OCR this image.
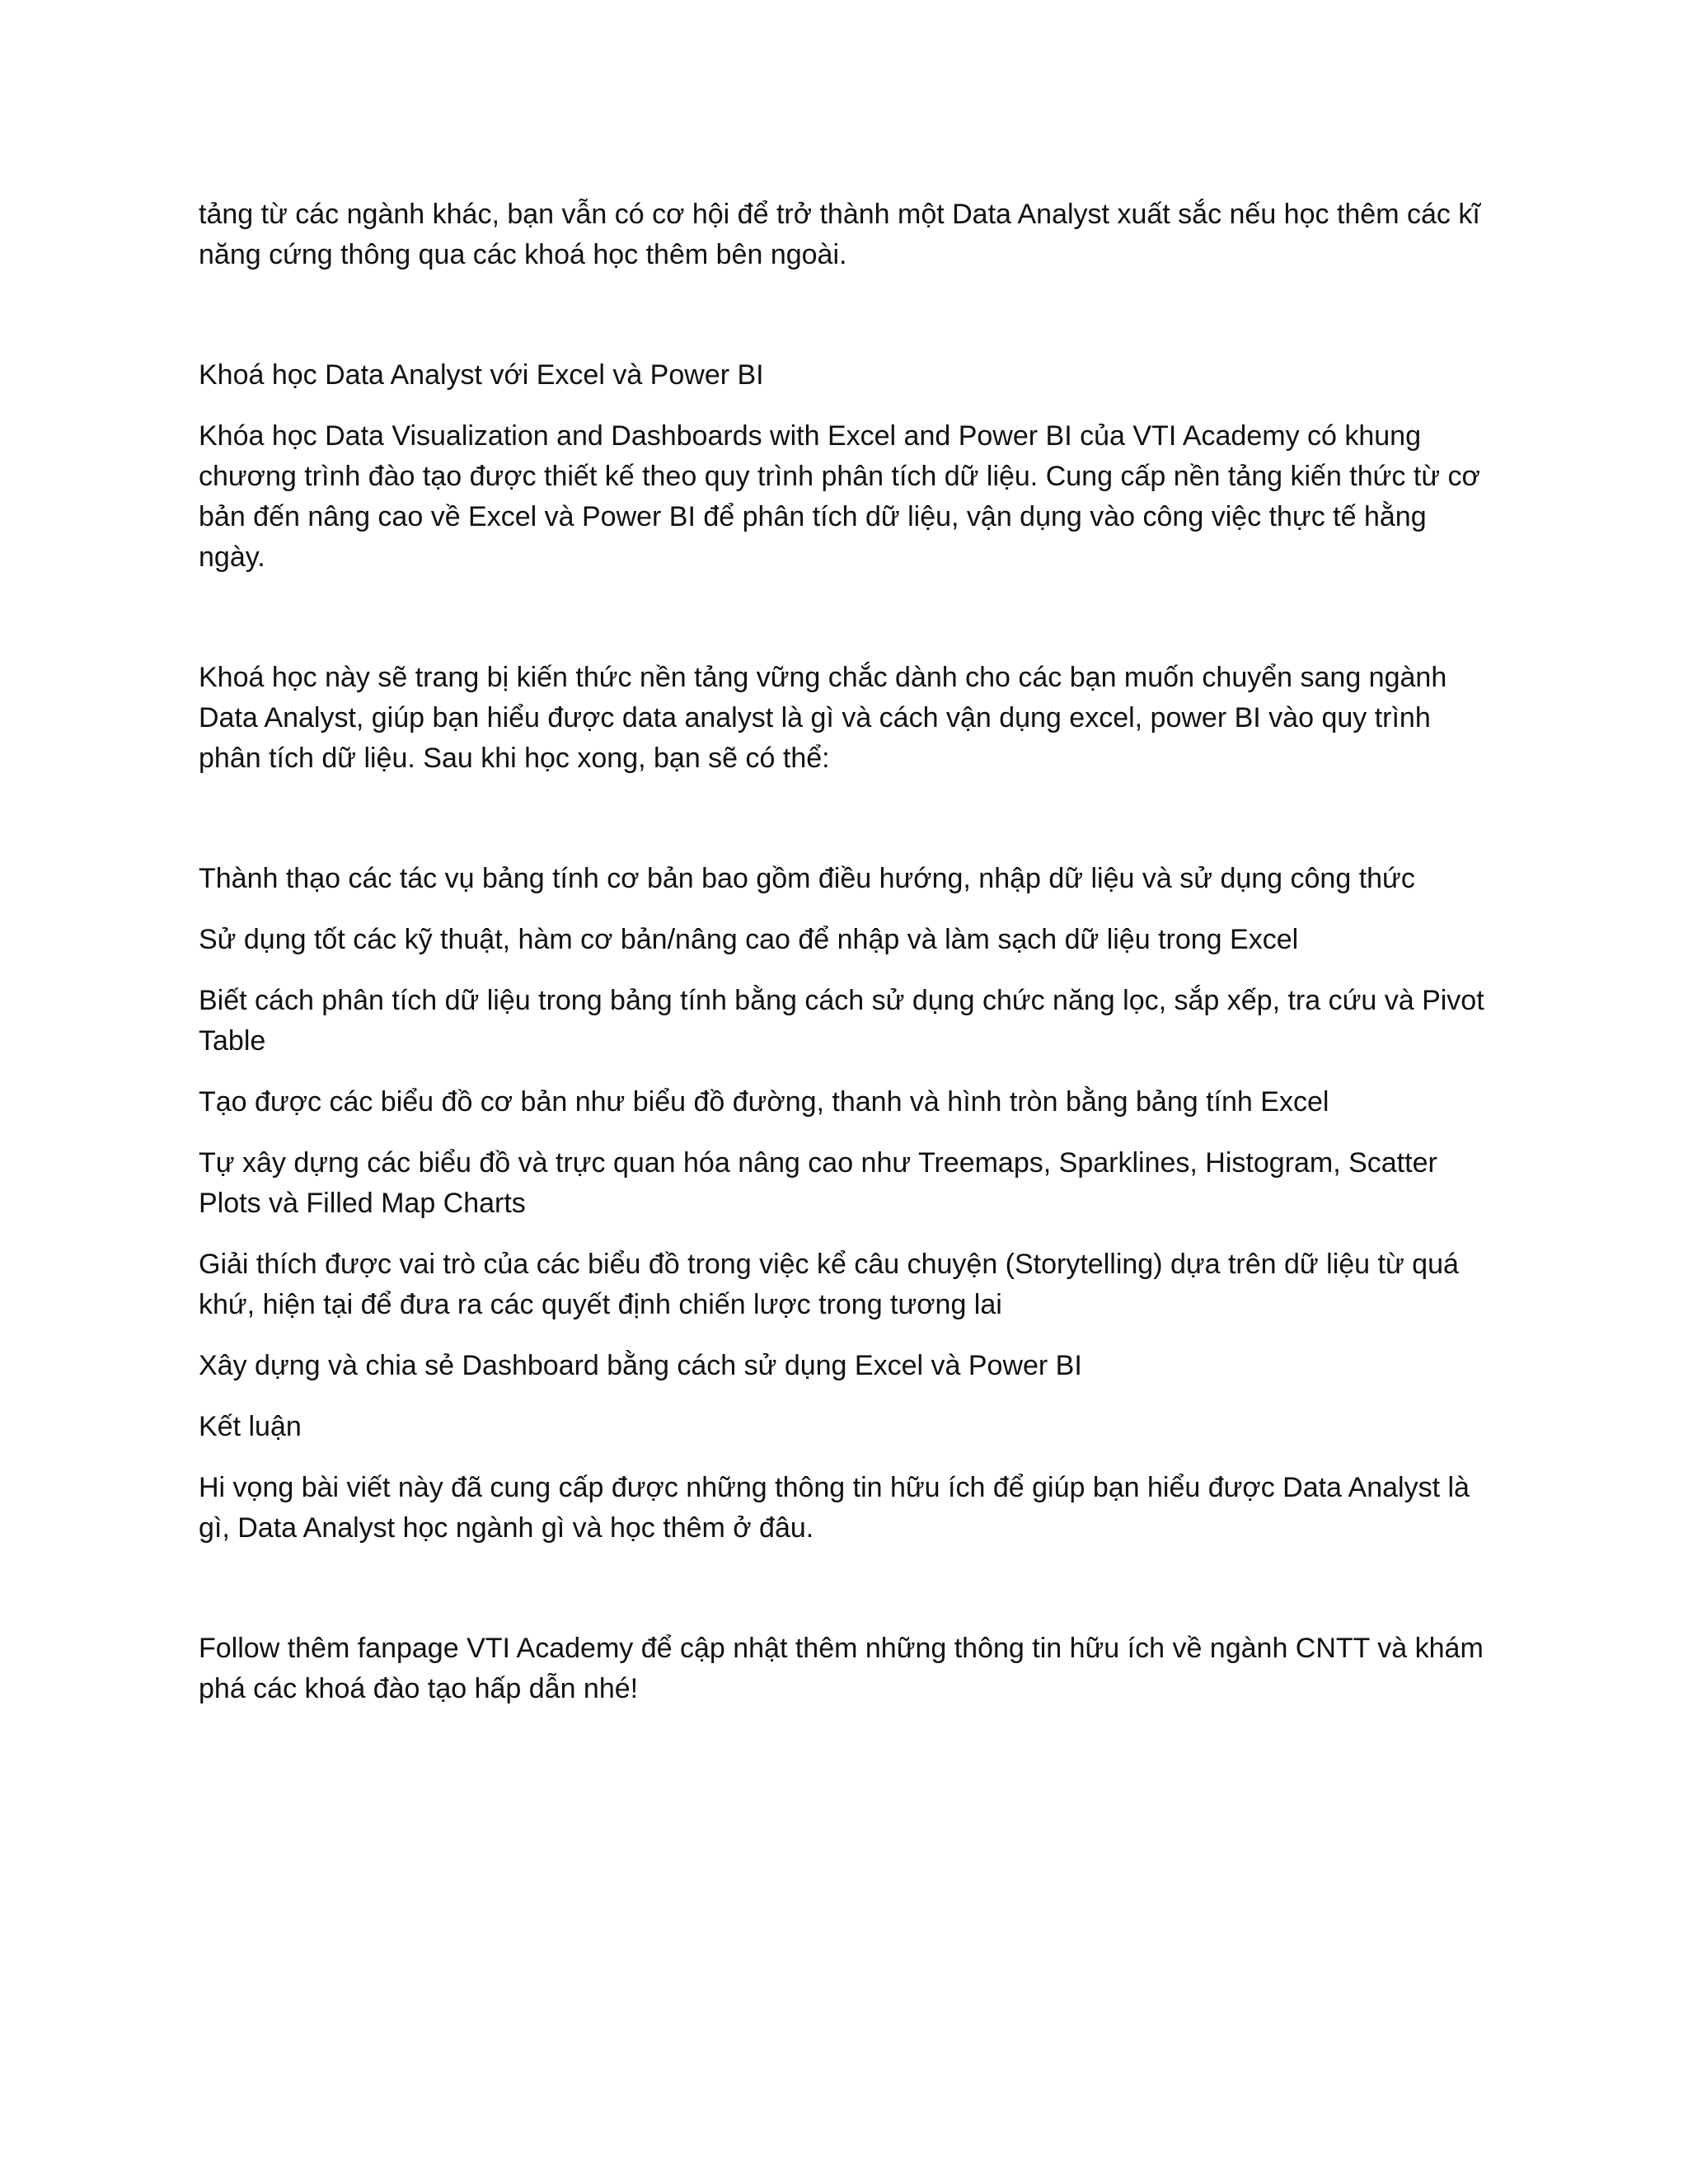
tảng từ các ngành khác, bạn vẫn có cơ hội để trở thành một Data Analyst xuất sắc nếu học thêm các kĩ năng cứng thông qua các khoá học thêm bên ngoài.

Khoá học Data Analyst với Excel và Power BI

Khóa học Data Visualization and Dashboards with Excel and Power BI của VTI Academy có khung chương trình đào tạo được thiết kế theo quy trình phân tích dữ liệu. Cung cấp nền tảng kiến thức từ cơ bản đến nâng cao về Excel và Power BI để phân tích dữ liệu, vận dụng vào công việc thực tế hằng ngày.

Khoá học này sẽ trang bị kiến thức nền tảng vững chắc dành cho các bạn muốn chuyển sang ngành Data Analyst, giúp bạn hiểu được data analyst là gì và cách vận dụng excel, power BI vào quy trình phân tích dữ liệu. Sau khi học xong, bạn sẽ có thể:

Thành thạo các tác vụ bảng tính cơ bản bao gồm điều hướng, nhập dữ liệu và sử dụng công thức

Sử dụng tốt các kỹ thuật, hàm cơ bản/nâng cao để nhập và làm sạch dữ liệu trong Excel

Biết cách phân tích dữ liệu trong bảng tính bằng cách sử dụng chức năng lọc, sắp xếp, tra cứu và Pivot Table

Tạo được các biểu đồ cơ bản như biểu đồ đường, thanh và hình tròn bằng bảng tính Excel

Tự xây dựng các biểu đồ và trực quan hóa nâng cao như Treemaps, Sparklines, Histogram, Scatter Plots và Filled Map Charts

Giải thích được vai trò của các biểu đồ trong việc kể câu chuyện (Storytelling) dựa trên dữ liệu từ quá khứ, hiện tại để đưa ra các quyết định chiến lược trong tương lai

Xây dựng và chia sẻ Dashboard bằng cách sử dụng Excel và Power BI

Kết luận

Hi vọng bài viết này đã cung cấp được những thông tin hữu ích để giúp bạn hiểu được Data Analyst là gì, Data Analyst học ngành gì và học thêm ở đâu.

Follow thêm fanpage VTI Academy để cập nhật thêm những thông tin hữu ích về ngành CNTT và khám phá các khoá đào tạo hấp dẫn nhé!
